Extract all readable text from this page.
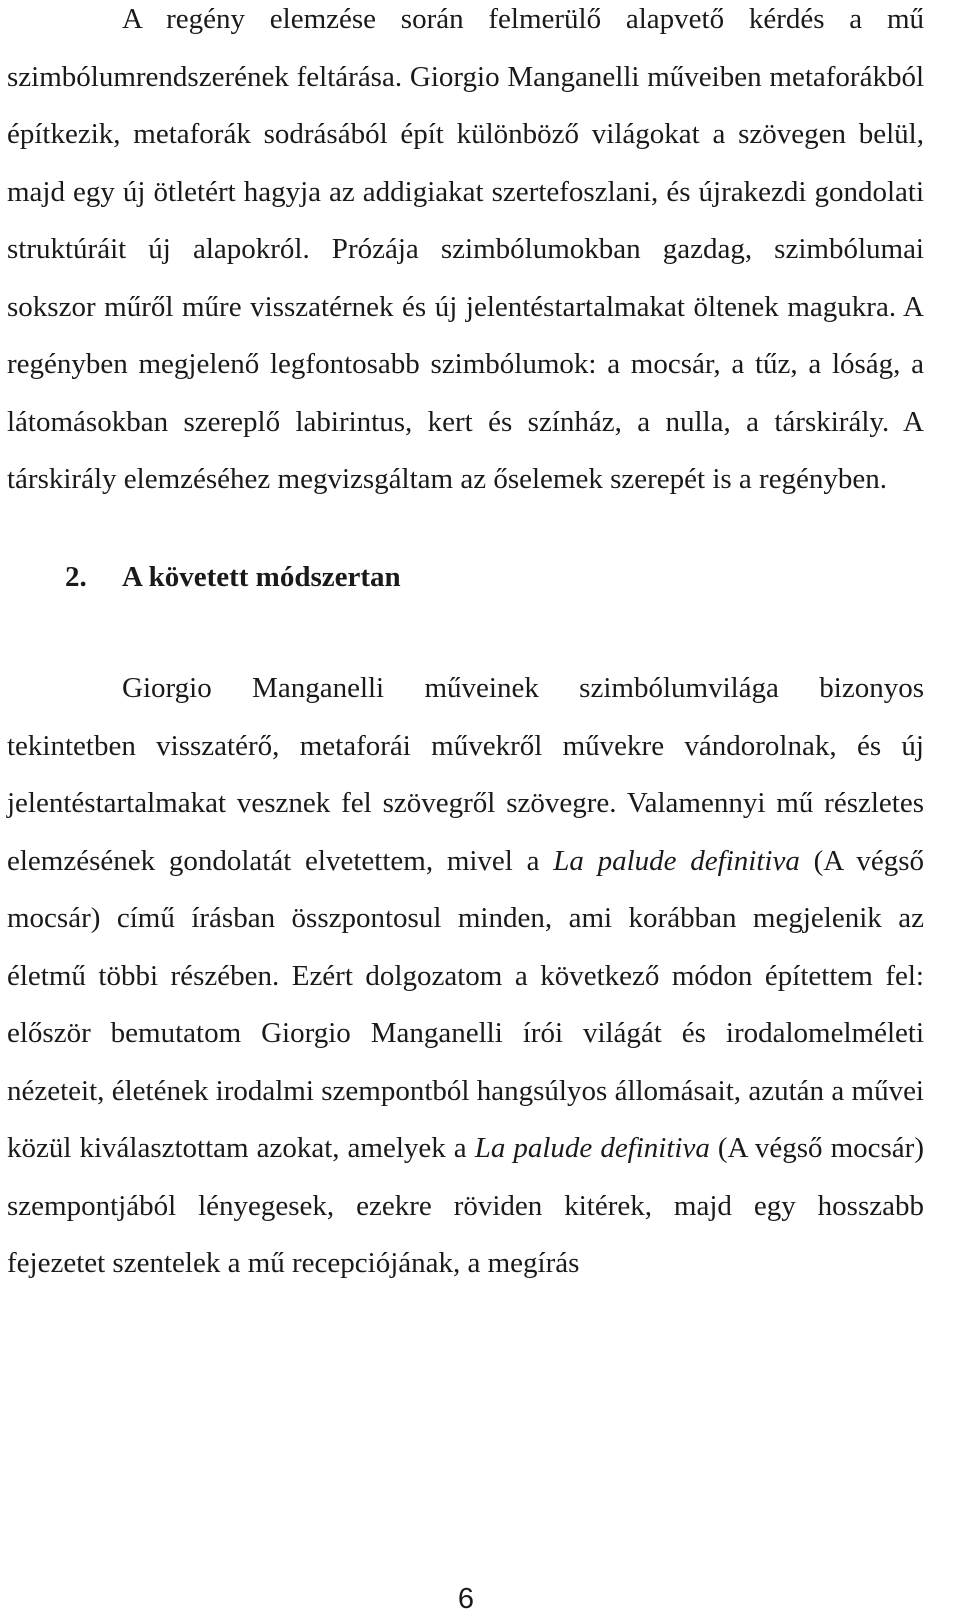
A regény elemzése során felmerülő alapvető kérdés a mű szimbólumrendszerének feltárása. Giorgio Manganelli műveiben metaforákból építkezik, metaforák sodrásából épít különböző világokat a szövegen belül, majd egy új ötletért hagyja az addigiakat szertefoszlani, és újrakezdi gondolati struktúráit új alapokról. Prózája szimbólumokban gazdag, szimbólumai sokszor műről műre visszatérnek és új jelentéstartalmakat öltenek magukra. A regényben megjelenő legfontosabb szimbólumok: a mocsár, a tűz, a lóság, a látomásokban szereplő labirintus, kert és színház, a nulla, a társkirály. A társkirály elemzéséhez megvizsgáltam az őselemek szerepét is a regényben.

2. A követett módszertan

Giorgio Manganelli műveinek szimbólumvilága bizonyos tekintetben visszatérő, metaforái művekről művekre vándorolnak, és új jelentéstartalmakat vesznek fel szövegről szövegre. Valamennyi mű részletes elemzésének gondolatát elvetettem, mivel a La palude definitiva (A végső mocsár) című írásban összpontosul minden, ami korábban megjelenik az életmű többi részében. Ezért dolgozatom a következő módon építettem fel: először bemutatom Giorgio Manganelli írói világát és irodalomelméleti nézeteit, életének irodalmi szempontból hangsúlyos állomásait, azután a művei közül kiválasztottam azokat, amelyek a La palude definitiva (A végső mocsár) szempontjából lényegesek, ezekre röviden kitérek, majd egy hosszabb fejezetet szentelek a mű recepciójának, a megírás

6
